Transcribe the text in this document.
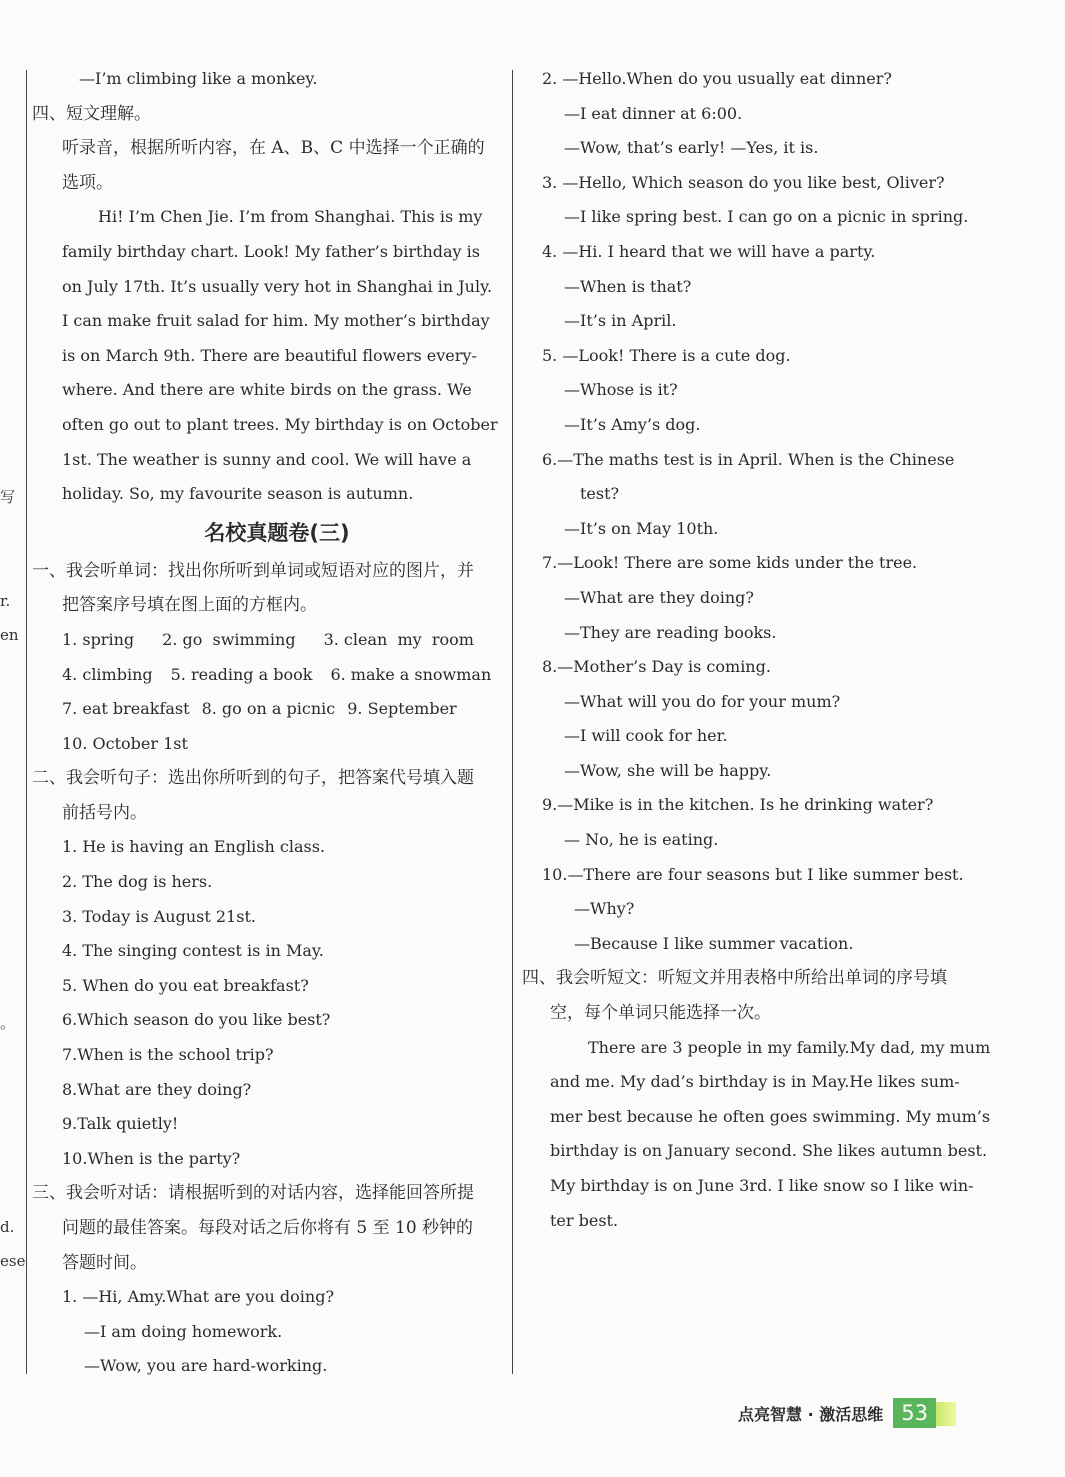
写
r.
en
。
d.
ese
—I’m climbing like a monkey.
四、短文理解。
听录音，根据所听内容，在 A、B、C 中选择一个正确的
选项。
Hi! I’m Chen Jie. I’m from Shanghai. This is my
family birthday chart. Look! My father’s birthday is
on July 17th. It’s usually very hot in Shanghai in July.
I can make fruit salad for him. My mother’s birthday
is on March 9th. There are beautiful flowers every-
where. And there are white birds on the grass. We
often go out to plant trees. My birthday is on October
1st. The weather is sunny and cool. We will have a
holiday. So, my favourite season is autumn.
名校真题卷(三)
一、我会听单词：找出你所听到单词或短语对应的图片，并
把答案序号填在图上面的方框内。
1. spring 2. go  swimming 3. clean  my  room
4. climbing 5. reading a book 6. make a snowman
7. eat breakfast 8. go on a picnic 9. September
10. October 1st
二、我会听句子：选出你所听到的句子，把答案代号填入题
前括号内。
1. He is having an English class.
2. The dog is hers.
3. Today is August 21st.
4. The singing contest is in May.
5. When do you eat breakfast?
6.Which season do you like best?
7.When is the school trip?
8.What are they doing?
9.Talk quietly!
10.When is the party?
三、我会听对话：请根据听到的对话内容，选择能回答所提
问题的最佳答案。每段对话之后你将有 5 至 10 秒钟的
答题时间。
1. —Hi, Amy.What are you doing?
—I am doing homework.
—Wow, you are hard-working.
2. —Hello.When do you usually eat dinner?
—I eat dinner at 6:00.
—Wow, that’s early! —Yes, it is.
3. —Hello, Which season do you like best, Oliver?
—I like spring best. I can go on a picnic in spring.
4. —Hi. I heard that we will have a party.
—When is that?
—It’s in April.
5. —Look! There is a cute dog.
—Whose is it?
—It’s Amy’s dog.
6.—The maths test is in April. When is the Chinese
test?
—It’s on May 10th.
7.—Look! There are some kids under the tree.
—What are they doing?
—They are reading books.
8.—Mother’s Day is coming.
—What will you do for your mum?
—I will cook for her.
—Wow, she will be happy.
9.—Mike is in the kitchen. Is he drinking water?
— No, he is eating.
10.—There are four seasons but I like summer best.
—Why?
—Because I like summer vacation.
四、我会听短文：听短文并用表格中所给出单词的序号填
空，每个单词只能选择一次。
There are 3 people in my family.My dad, my mum
and me. My dad’s birthday is in May.He likes sum-
mer best because he often goes swimming. My mum’s
birthday is on January second. She likes autumn best.
My birthday is on June 3rd. I like snow so I like win-
ter best.
点亮智慧 · 激活思维 53
